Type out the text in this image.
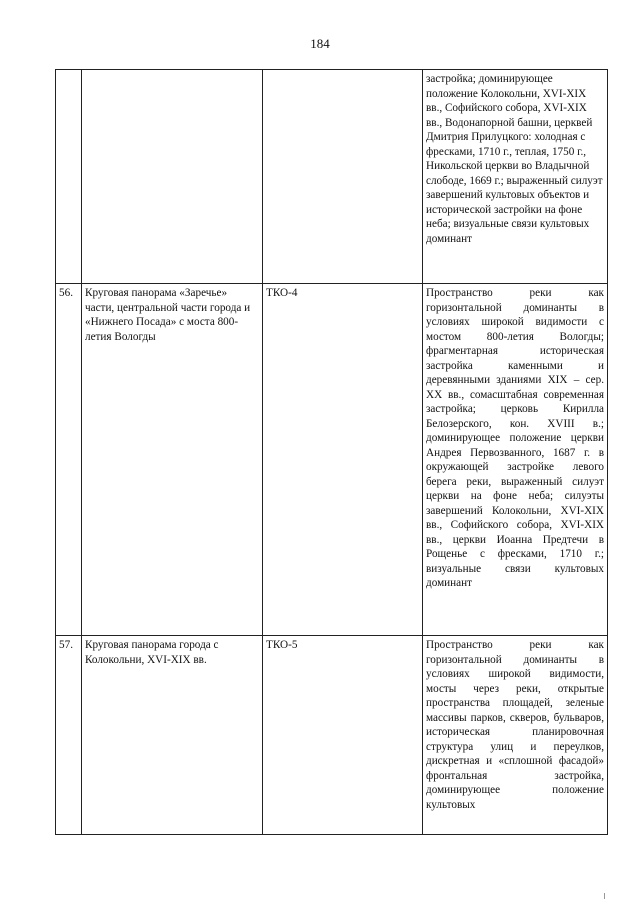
184
			застройка; доминирующее положение Колокольни, XVI-XIX вв., Софийского собора, XVI-XIX вв., Водонапорной башни, церквей Дмитрия Прилуцкого: холодная с фресками, 1710 г., теплая, 1750 г., Никольской церкви во Владычной слободе, 1669 г.; выраженный силуэт завершений культовых объектов и исторической застройки на фоне неба; визуальные связи культовых доминант
56.	Круговая панорама «Заречье» части, центральной части города и «Нижнего Посада» с моста 800-летия Вологды	ТКО-4	Пространство реки как горизонтальной доминанты в условиях широкой видимости с мостом 800-летия Вологды; фрагментарная историческая застройка каменными и деревянными зданиями XIX – сер. XX вв., сомасштабная современная застройка; церковь Кирилла Белозерского, кон. XVIII в.; доминирующее положение церкви Андрея Первозванного, 1687 г. в окружающей застройке левого берега реки, выраженный силуэт церкви на фоне неба; силуэты завершений Колокольни, XVI-XIX вв., Софийского собора, XVI-XIX вв., церкви Иоанна Предтечи в Рощенье с фресками, 1710 г.; визуальные связи культовых доминант
57.	Круговая панорама города с Колокольни, XVI-XIX вв.	ТКО-5	Пространство реки как горизонтальной доминанты в условиях широкой видимости, мосты через реки, открытые пространства площадей, зеленые массивы парков, скверов, бульваров, историческая планировочная структура улиц и переулков, дискретная и «сплошной фасадой» фронтальная застройка, доминирующее положение культовых
